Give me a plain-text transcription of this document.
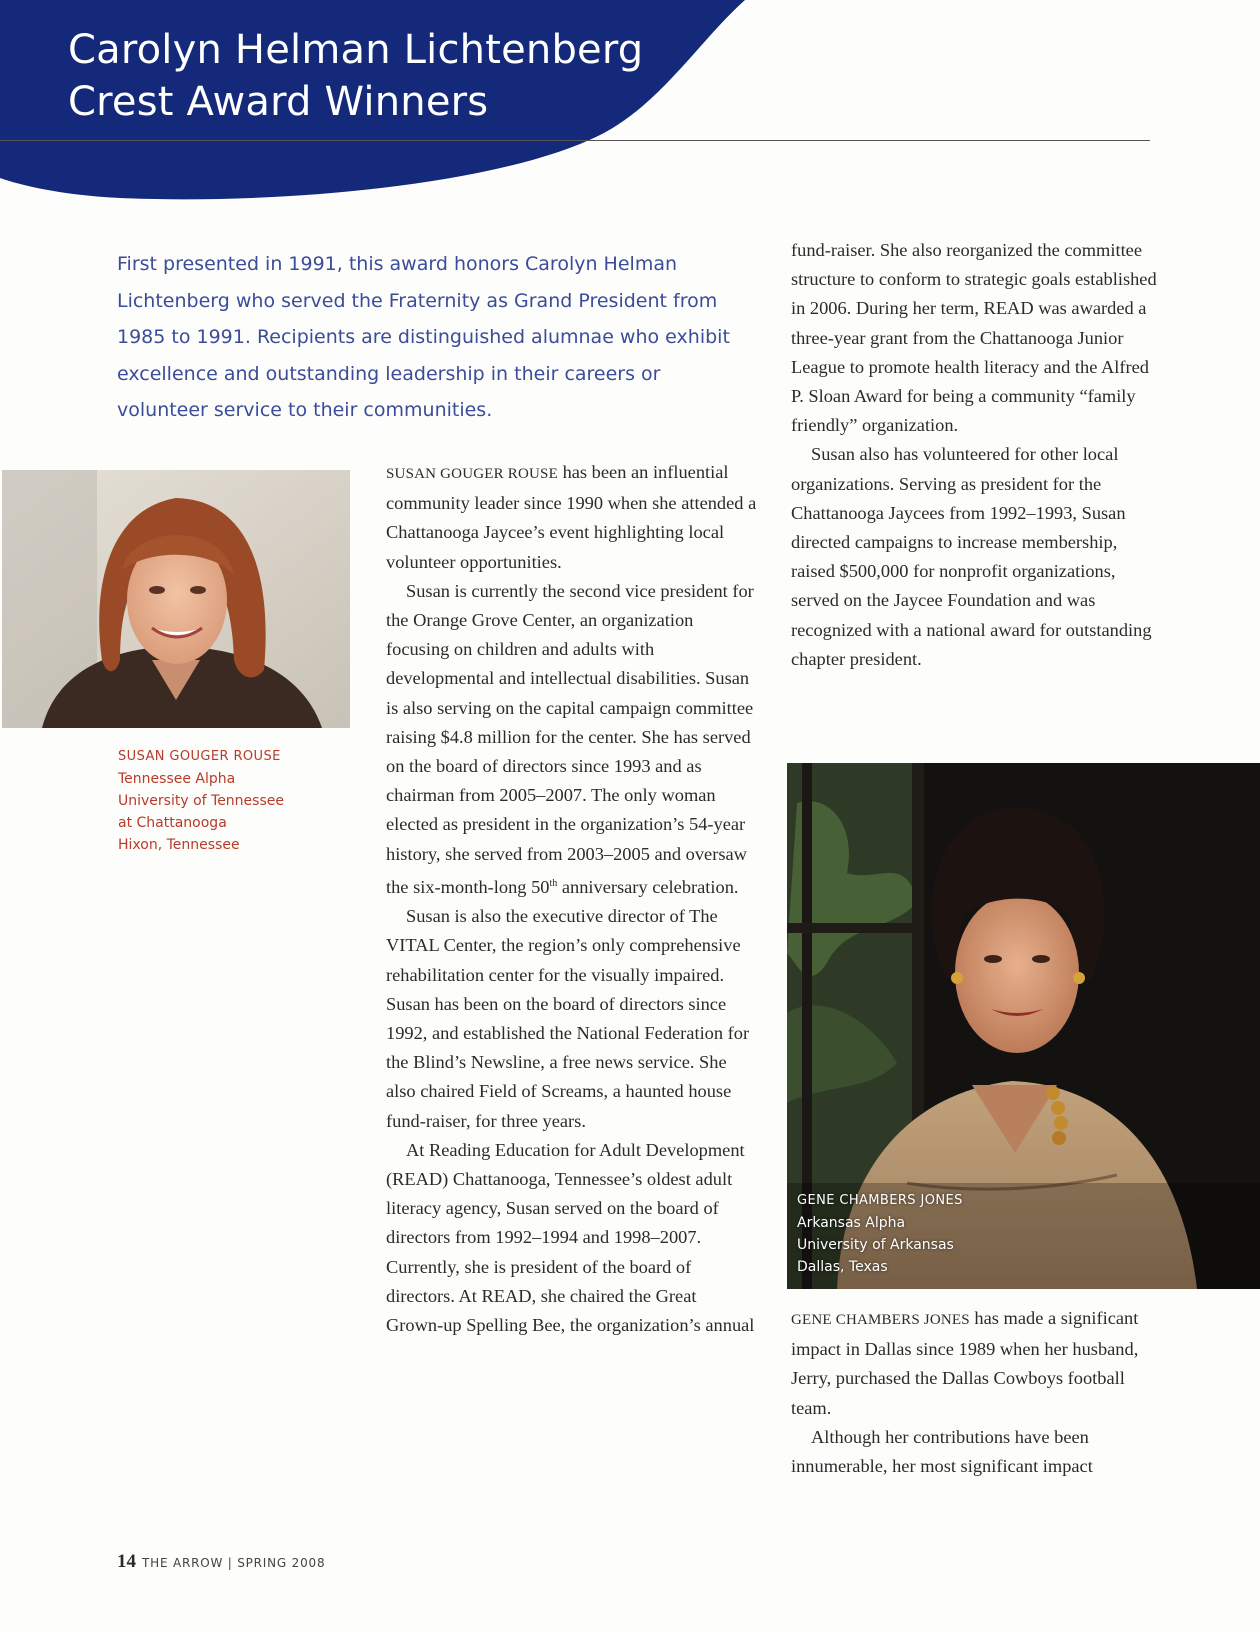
Carolyn Helman Lichtenberg
Crest Award Winners

First presented in 1991, this award honors Carolyn Helman Lichtenberg who served the Fraternity as Grand President from 1985 to 1991. Recipients are distinguished alumnae who exhibit excellence and outstanding leadership in their careers or volunteer service to their communities.

SUSAN GOUGER ROUSE
Tennessee Alpha
University of Tennessee
at Chattanooga
Hixon, Tennessee

SUSAN GOUGER ROUSE has been an influential community leader since 1990 when she attended a Chattanooga Jaycee’s event highlighting local volunteer opportunities.

Susan is currently the second vice president for the Orange Grove Center, an organization focusing on children and adults with developmental and intellectual disabilities. Susan is also serving on the capital campaign committee raising $4.8 million for the center. She has served on the board of directors since 1993 and as chairman from 2005–2007. The only woman elected as president in the organization’s 54-year history, she served from 2003–2005 and oversaw the six-month-long 50th anniversary celebration.

Susan is also the executive director of The VITAL Center, the region’s only comprehensive rehabilitation center for the visually impaired. Susan has been on the board of directors since 1992, and established the National Federation for the Blind’s Newsline, a free news service. She also chaired Field of Screams, a haunted house fund-raiser, for three years.

At Reading Education for Adult Development (READ) Chattanooga, Tennessee’s oldest adult literacy agency, Susan served on the board of directors from 1992–1994 and 1998–2007. Currently, she is president of the board of directors. At READ, she chaired the Great Grown-up Spelling Bee, the organization’s annual

fund-raiser. She also reorganized the committee structure to conform to strategic goals established in 2006. During her term, READ was awarded a three-year grant from the Chattanooga Junior League to promote health literacy and the Alfred P. Sloan Award for being a community “family friendly” organization.

Susan also has volunteered for other local organizations. Serving as president for the Chattanooga Jaycees from 1992–1993, Susan directed campaigns to increase membership, raised $500,000 for nonprofit organizations, served on the Jaycee Foundation and was recognized with a national award for outstanding chapter president.

GENE CHAMBERS JONES
Arkansas Alpha
University of Arkansas
Dallas, Texas

GENE CHAMBERS JONES has made a significant impact in Dallas since 1989 when her husband, Jerry, purchased the Dallas Cowboys football team.

Although her contributions have been innumerable, her most significant impact

14 THE ARROW | SPRING 2008
